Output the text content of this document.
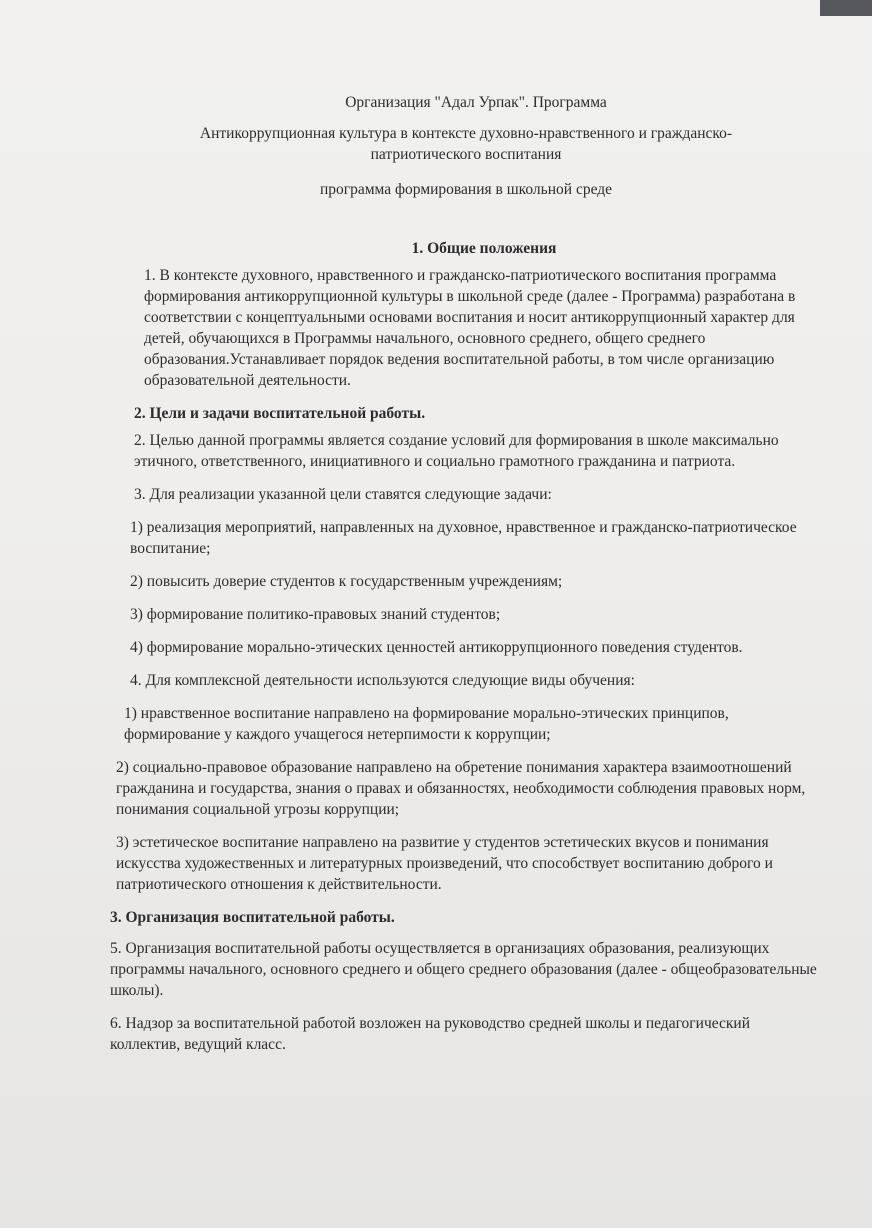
Организация "Адал Урпак". Программа
Антикоррупционная культура в контексте духовно-нравственного и гражданско-
патриотического воспитания
программа формирования в школьной среде
1. Общие положения
1. В контексте духовного, нравственного и гражданско-патриотического воспитания программа формирования антикоррупционной культуры в школьной среде (далее - Программа) разработана в соответствии с концептуальными основами воспитания и носит антикоррупционный характер для детей, обучающихся в Программы начального, основного среднего, общего среднего образования.Устанавливает порядок ведения воспитательной работы, в том числе организацию образовательной деятельности.
2. Цели и задачи воспитательной работы.
2. Целью данной программы является создание условий для формирования в школе максимально этичного, ответственного, инициативного и социально грамотного гражданина и патриота.
3. Для реализации указанной цели ставятся следующие задачи:
1) реализация мероприятий, направленных на духовное, нравственное и гражданско-патриотическое воспитание;
2) повысить доверие студентов к государственным учреждениям;
3) формирование политико-правовых знаний студентов;
4) формирование морально-этических ценностей антикоррупционного поведения студентов.
4. Для комплексной деятельности используются следующие виды обучения:
1) нравственное воспитание направлено на формирование морально-этических принципов, формирование у каждого учащегося нетерпимости к коррупции;
2) социально-правовое образование направлено на обретение понимания характера взаимоотношений гражданина и государства, знания о правах и обязанностях, необходимости соблюдения правовых норм, понимания социальной угрозы коррупции;
3) эстетическое воспитание направлено на развитие у студентов эстетических вкусов и понимания искусства художественных и литературных произведений, что способствует воспитанию доброго и патриотического отношения к действительности.
3. Организация воспитательной работы.
5. Организация воспитательной работы осуществляется в организациях образования, реализующих программы начального, основного среднего и общего среднего образования (далее - общеобразовательные школы).
6. Надзор за воспитательной работой возложен на руководство средней школы и педагогический коллектив, ведущий класс.
